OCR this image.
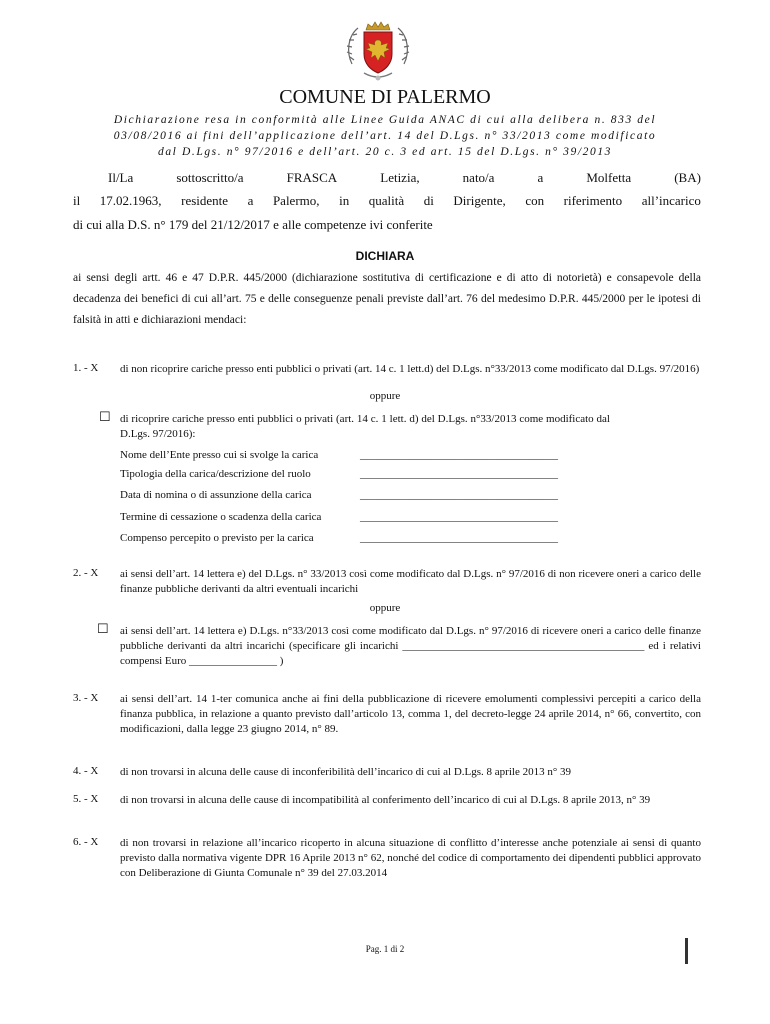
COMUNE DI PALERMO
Dichiarazione resa in conformità alle Linee Guida ANAC di cui alla delibera n. 833 del
03/08/2016 ai fini dell’applicazione dell’art. 14 del D.Lgs. n° 33/2013 come modificato
dal D.Lgs. n° 97/2016 e dell’art. 20 c. 3 ed art. 15 del D.Lgs. n° 39/2013
Il/La	sottoscritto/a	FRASCA	Letizia,	nato/a	a	Molfetta	(BA)
il 17.02.1963, residente a Palermo, in qualità di Dirigente, con riferimento all’incarico
di cui alla D.S. n° 179 del 21/12/2017 e alle competenze ivi conferite
DICHIARA
ai sensi degli artt. 46 e 47 D.P.R. 445/2000 (dichiarazione sostitutiva di certificazione e di atto di notorietà) e consapevole della decadenza dei benefici di cui all’art. 75 e delle conseguenze penali previste dall’art. 76 del medesimo D.P.R. 445/2000 per le ipotesi di falsità in atti e dichiarazioni mendaci:
1. - X di non ricoprire cariche presso enti pubblici o privati (art. 14 c. 1 lett.d) del D.Lgs. n°33/2013 come modificato dal D.Lgs. 97/2016)
oppure
☐ di ricoprire cariche presso enti pubblici o privati (art. 14 c. 1 lett. d) del D.Lgs. n°33/2013 come modificato dal D.Lgs. 97/2016):
Nome dell’Ente presso cui si svolge la carica	____________________________________
Tipologia della carica/descrizione del ruolo	____________________________________
Data di nomina o di assunzione della carica	____________________________________
Termine di cessazione o scadenza della carica	____________________________________
Compenso percepito o previsto per la carica	____________________________________
2. - X ai sensi dell’art. 14 lettera e) del D.Lgs. n° 33/2013 così come modificato dal D.Lgs. n° 97/2016 di non ricevere oneri a carico delle finanze pubbliche derivanti da altri eventuali incarichi
oppure
☐ ai sensi dell’art. 14 lettera e) D.Lgs. n°33/2013 così come modificato dal D.Lgs. n° 97/2016 di ricevere oneri a carico delle finanze pubbliche derivanti da altri incarichi (specificare gli incarichi ____________________________________________ ed i relativi compensi Euro ________________ )
3. - X ai sensi dell’art. 14 1-ter comunica anche ai fini della pubblicazione di ricevere emolumenti complessivi percepiti a carico della finanza pubblica, in relazione a quanto previsto dall’articolo 13, comma 1, del decreto-legge 24 aprile 2014, n° 66, convertito, con modificazioni, dalla legge 23 giugno 2014, n° 89.
4. - X di non trovarsi in alcuna delle cause di inconferibilità dell’incarico di cui al D.Lgs. 8 aprile 2013 n° 39
5. - X di non trovarsi in alcuna delle cause di incompatibilità al conferimento dell’incarico di cui al D.Lgs. 8 aprile 2013, n° 39
6. - X di non trovarsi in relazione all’incarico ricoperto in alcuna situazione di conflitto d’interesse anche potenziale ai sensi di quanto previsto dalla normativa vigente DPR 16 Aprile 2013 n° 62, nonché del codice di comportamento dei dipendenti pubblici approvato con Deliberazione di Giunta Comunale n° 39 del 27.03.2014
Pag. 1 di 2
